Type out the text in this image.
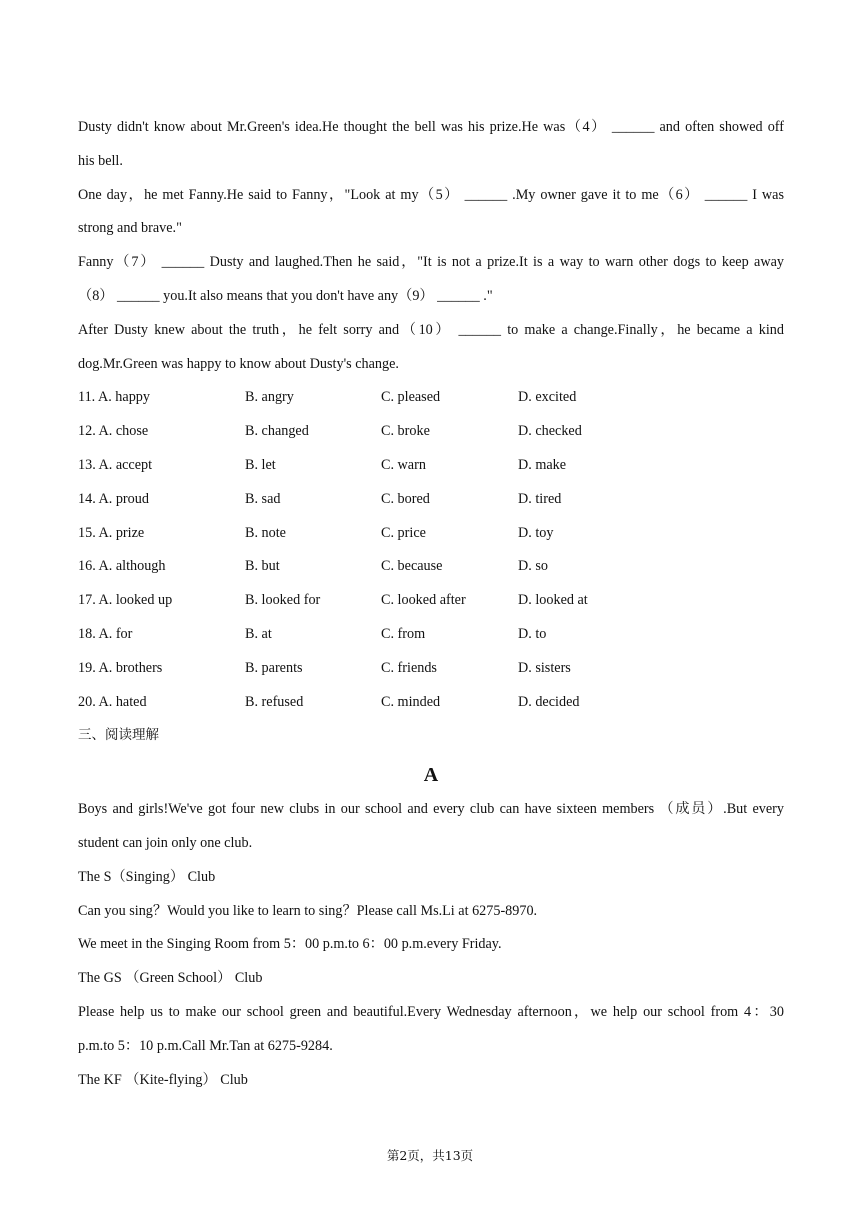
Dusty didn't know about Mr.Green's idea.He thought the bell was his prize.He was（4） ______ and often showed off
his bell.
One day，he met Fanny.He said to Fanny，"Look at my（5） ______ .My owner gave it to me（6） ______ I was
strong and brave."
Fanny（7） ______ Dusty and laughed.Then he said，"It is not a prize.It is a way to warn other dogs to keep away
（8） ______ you.It also means that you don't have any（9） ______ ."
After Dusty knew about the truth，he felt sorry and（10） ______ to make a change.Finally，he became a kind
dog.Mr.Green was happy to know about Dusty's change.
11. A. happy	B. angry	C. pleased	D. excited
12. A. chose	B. changed	C. broke	D. checked
13. A. accept	B. let	C. warn	D. make
14. A. proud	B. sad	C. bored	D. tired
15. A. prize	B. note	C. price	D. toy
16. A. although	B. but	C. because	D. so
17. A. looked up	B. looked for	C. looked after	D. looked at
18. A. for	B. at	C. from	D. to
19. A. brothers	B. parents	C. friends	D. sisters
20. A. hated	B. refused	C. minded	D. decided
三、阅读理解
A
Boys and girls!We've got four new clubs in our school and every club can have sixteen members （成员）.But every
student can join only one club.
The S（Singing） Club
Can you sing？Would you like to learn to sing？Please call Ms.Li at 6275-8970.
We meet in the Singing Room from 5：00 p.m.to 6：00 p.m.every Friday.
The GS （Green School） Club
Please help us to make our school green and beautiful.Every Wednesday afternoon，we help our school from 4：30
p.m.to 5：10 p.m.Call Mr.Tan at 6275-9284.
The KF （Kite-flying） Club
第2页，共13页
